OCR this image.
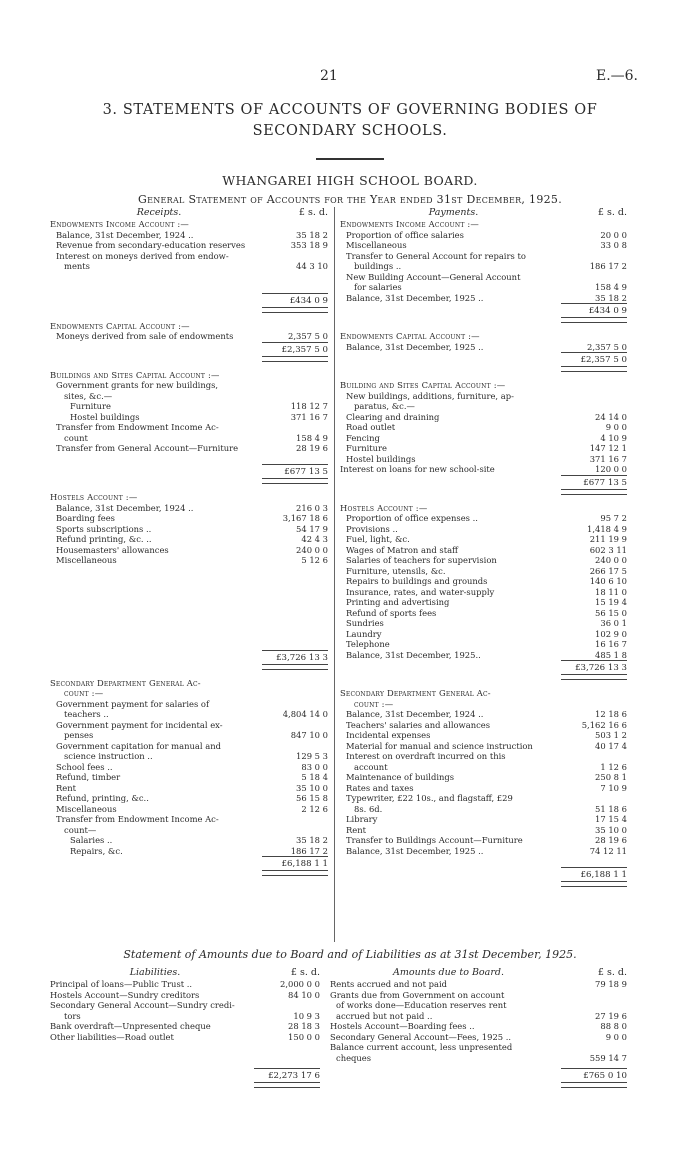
21	E.—6.
3. STATEMENTS OF ACCOUNTS OF GOVERNING BODIES OF
SECONDARY SCHOOLS.
WHANGAREI HIGH SCHOOL BOARD.
General Statement of Accounts for the Year ended 31st December, 1925.
Receipts.	£ s. d.
Endowments Income Account :—
Balance, 31st December, 1924 ..	35 18 2
Revenue from secondary-education reserves	353 18 9
Interest on moneys derived from endow-
ments	44 3 10
£434 0 9
Endowments Capital Account :—
Moneys derived from sale of endowments	2,357 5 0
£2,357 5 0
Buildings and Sites Capital Account :—
Government grants for new buildings,
sites, &c.—
Furniture	118 12 7
Hostel buildings	371 16 7
Transfer from Endowment Income Ac-
count	158 4 9
Transfer from General Account—Furniture	28 19 6
£677 13 5
Hostels Account :—
Balance, 31st December, 1924 ..	216 0 3
Boarding fees	3,167 18 6
Sports subscriptions ..	54 17 9
Refund printing, &c. ..	42 4 3
Housemasters' allowances	240 0 0
Miscellaneous	5 12 6
£3,726 13 3
Secondary Department General Ac-
count :—
Government payment for salaries of
teachers ..	4,804 14 0
Government payment for incidental ex-
penses	847 10 0
Government capitation for manual and
science instruction ..	129 5 3
School fees ..	83 0 0
Refund, timber	5 18 4
Rent	35 10 0
Refund, printing, &c..	56 15 8
Miscellaneous	2 12 6
Transfer from Endowment Income Ac-
count—
Salaries ..	35 18 2
Repairs, &c.	186 17 2
£6,188 1 1
Payments.	£ s. d.
Endowments Income Account :—
Proportion of office salaries	20 0 0
Miscellaneous	33 0 8
Transfer to General Account for repairs to
buildings ..	186 17 2
New Building Account—General Account
for salaries	158 4 9
Balance, 31st December, 1925 ..	35 18 2
£434 0 9
Endowments Capital Account :—
Balance, 31st December, 1925 ..	2,357 5 0
£2,357 5 0
Building and Sites Capital Account :—
New buildings, additions, furniture, ap-
paratus, &c.—
Clearing and draining	24 14 0
Road outlet	9 0 0
Fencing	4 10 9
Furniture	147 12 1
Hostel buildings	371 16 7
Interest on loans for new school-site	120 0 0
£677 13 5
Hostels Account :—
Proportion of office expenses ..	95 7 2
Provisions ..	1,418 4 9
Fuel, light, &c.	211 19 9
Wages of Matron and staff	602 3 11
Salaries of teachers for supervision	240 0 0
Furniture, utensils, &c.	266 17 5
Repairs to buildings and grounds	140 6 10
Insurance, rates, and water-supply	18 11 0
Printing and advertising	15 19 4
Refund of sports fees	56 15 0
Sundries	36 0 1
Laundry	102 9 0
Telephone	16 16 7
Balance, 31st December, 1925..	485 1 8
£3,726 13 3
Secondary Department General Ac-
count :—
Balance, 31st December, 1924 ..	12 18 6
Teachers' salaries and allowances	5,162 16 6
Incidental expenses	503 1 2
Material for manual and science instruction	40 17 4
Interest on overdraft incurred on this
account	1 12 6
Maintenance of buildings	250 8 1
Rates and taxes	7 10 9
Typewriter, £22 10s., and flagstaff, £29
8s. 6d.	51 18 6
Library	17 15 4
Rent	35 10 0
Transfer to Buildings Account—Furniture	28 19 6
Balance, 31st December, 1925 ..	74 12 11
£6,188 1 1
Statement of Amounts due to Board and of Liabilities as at 31st December, 1925.
Liabilities.	£ s. d.
Principal of loans—Public Trust ..	2,000 0 0
Hostels Account—Sundry creditors	84 10 0
Secondary General Account—Sundry credi-
tors	10 9 3
Bank overdraft—Unpresented cheque	28 18 3
Other liabilities—Road outlet	150 0 0
£2,273 17 6
Amounts due to Board.	£ s. d.
Rents accrued and not paid	79 18 9
Grants due from Government on account
of works done—Education reserves rent
accrued but not paid ..	27 19 6
Hostels Account—Boarding fees ..	88 8 0
Secondary General Account—Fees, 1925 ..	9 0 0
Balance current account, less unpresented
cheques	559 14 7
£765 0 10
